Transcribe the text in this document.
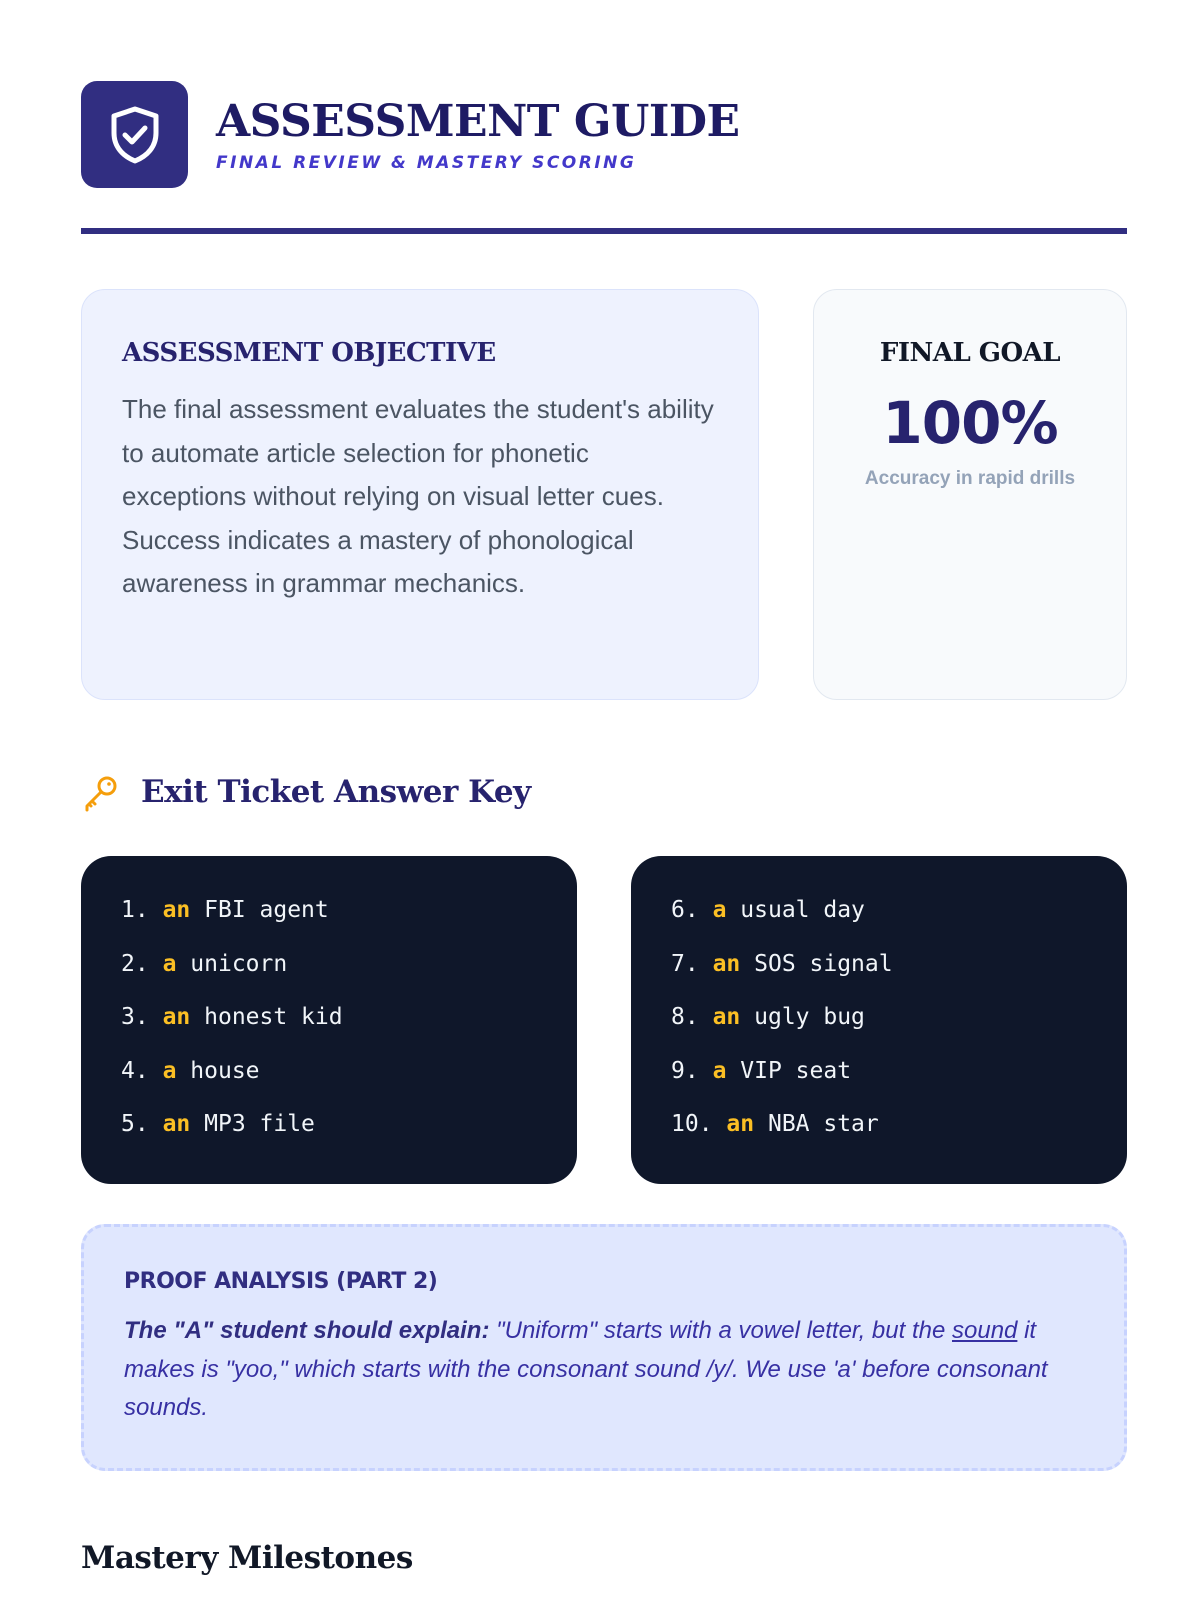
ASSESSMENT GUIDE
FINAL REVIEW & MASTERY SCORING
ASSESSMENT OBJECTIVE
The final assessment evaluates the student's ability to automate article selection for phonetic exceptions without relying on visual letter cues. Success indicates a mastery of phonological awareness in grammar mechanics.
FINAL GOAL
100%
Accuracy in rapid drills
Exit Ticket Answer Key
1. an FBI agent
2. a unicorn
3. an honest kid
4. a house
5. an MP3 file
6. a usual day
7. an SOS signal
8. an ugly bug
9. a VIP seat
10. an NBA star
PROOF ANALYSIS (PART 2)
The "A" student should explain: "Uniform" starts with a vowel letter, but the sound it makes is "yoo," which starts with the consonant sound /y/. We use 'a' before consonant sounds.
Mastery Milestones
